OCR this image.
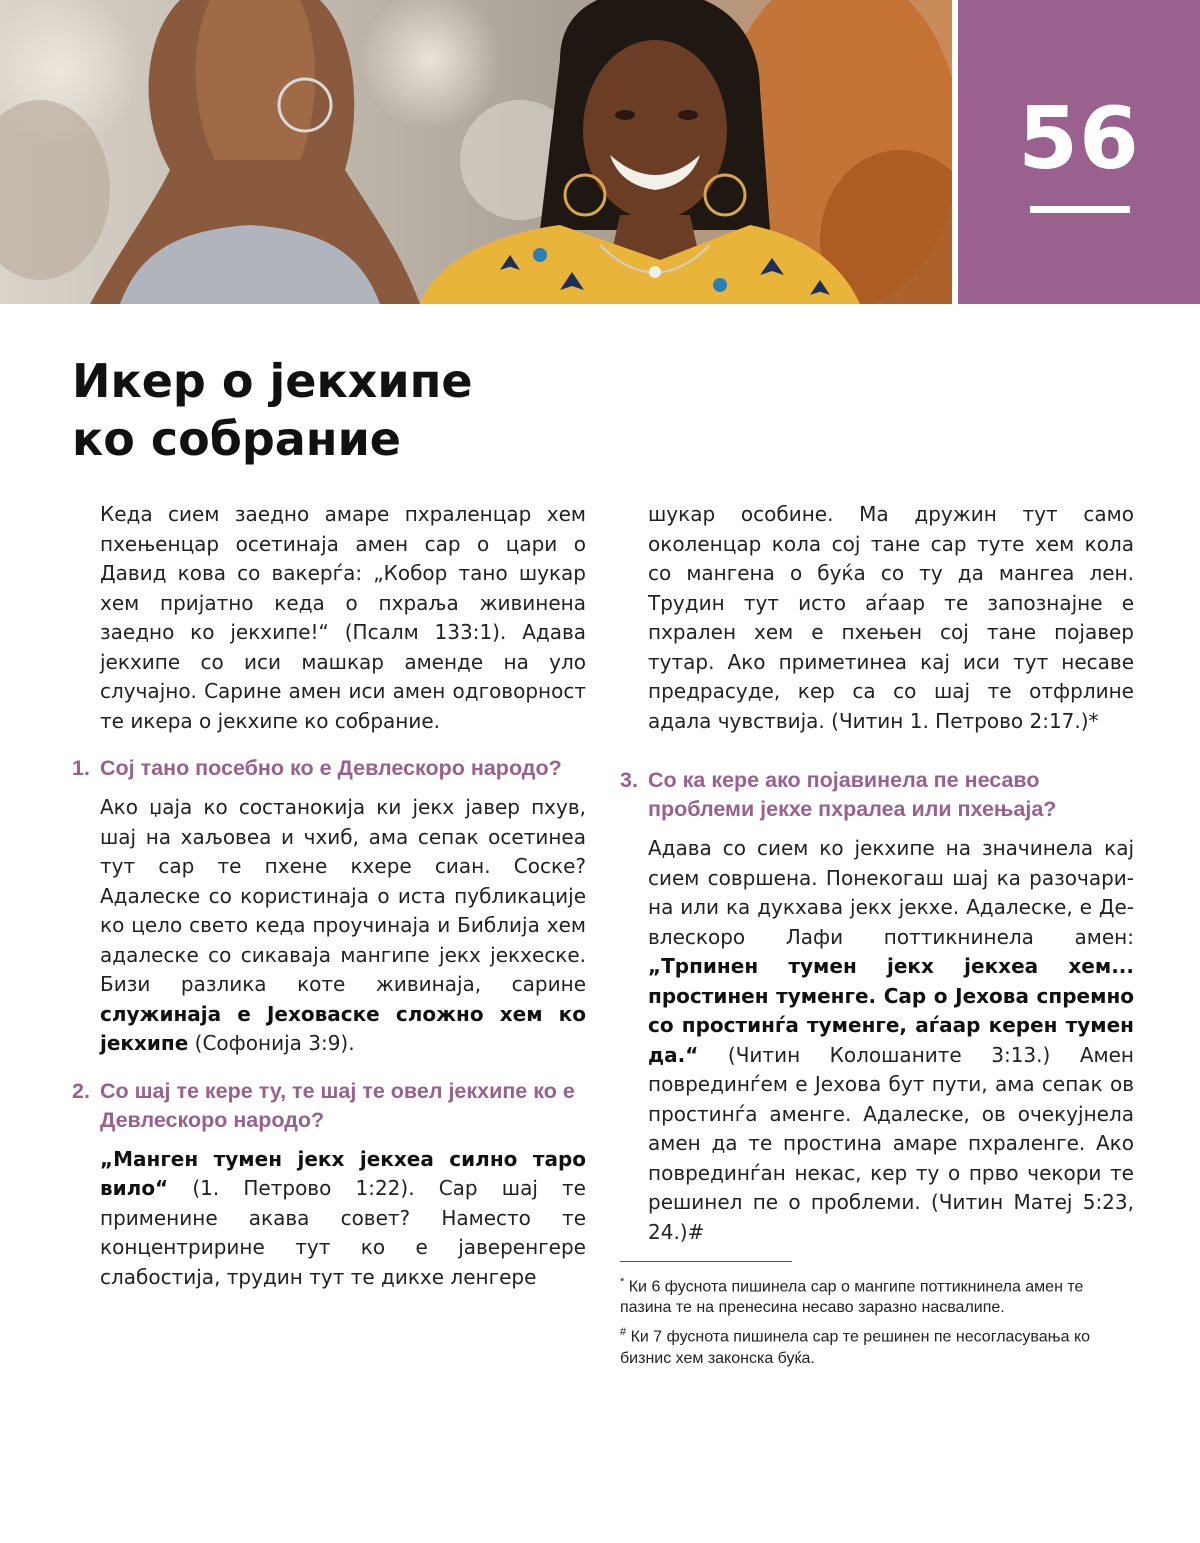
56
Икер о јекхипе
ко собрание

Кеда сием заедно амаре пхраленцар хем пхењенцар осетинаја амен сар о цари о Давид кова со вакерѓа: „Кобор тано шукар хем пријатно кеда о пхраља живинена заедно ко јекхипе!“ (Псалм 133:1). Адава јекхипе со иси машкар аменде на уло случајно. Сарине амен иси амен одговорност те икера о јекхипе ко собрание.

1. Сој тано посебно ко е Девлескоро народо?

Ако џаја ко состанокија ки јекх јавер пхув, шај на хаљовеа и чхиб, ама сепак осетинеа тут сар те пхене кхере сиан. Соске? Адалеске со користинаја о иста публикације ко цело свето кеда проучинаја и Библија хем адалеске со сикаваја мангипе јекх јекхеске. Бизи разлика коте живинаја, сарине служинаја е Јеховаске сложно хем ко јекхипе (Софонија 3:9).

2. Со шај те кере ту, те шај те овел јекхипе ко е Девлескоро народо?

„Манген тумен јекх јекхеа силно таро вило“ (1. Петрово 1:22). Сар шај те применине акава совет? Наместо те концентририне тут ко е јаверенгере слабостија, трудин тут те дикхе ленгере

3. Со ка кере ако појавинела пе несаво проблеми јекхе пхралеа или пхењаја?

Адава со сием ко јекхипе на значинела кај сием совршена. Понекогаш шај ка разочарина или ка дукхава јекх јекхе. Адалеске, е Девлескоро Лафи поттикнинела амен: „Трпинен тумен јекх јекхеа хем... простинен туменге. Сар о Јехова спремно со простинѓа туменге, аѓаар керен тумен да.“ (Читин Колошаните 3:13.) Амен поврединѓем е Јехова бут пути, ама сепак ов простинѓа аменге. Адалеске, ов очекујнела амен да те простина амаре пхраленге. Ако поврединѓан некас, кер ту о прво чекори те решинел пе о проблеми. (Читин Матеј 5:23, 24.)#

* Ки 6 фуснота пишинела сар о мангипе поттикнинела амен те пазина те на пренесина несаво заразно насвалипе.

# Ки 7 фуснота пишинела сар те решинен пе несогласувања ко бизнис хем законска буќа.

шукар особине. Ма дружин тут само околенцар кола сој тане сар туте хем кола со мангена о буќа со ту да мангеа лен. Трудин тут исто аѓаар те запознајне е пхрален хем е пхењен сој тане појавер тутар. Ако приметинеа кај иси тут несаве предрасуде, кер са со шај те отфрлине адала чувствија. (Читин 1. Петрово 2:17.)*
